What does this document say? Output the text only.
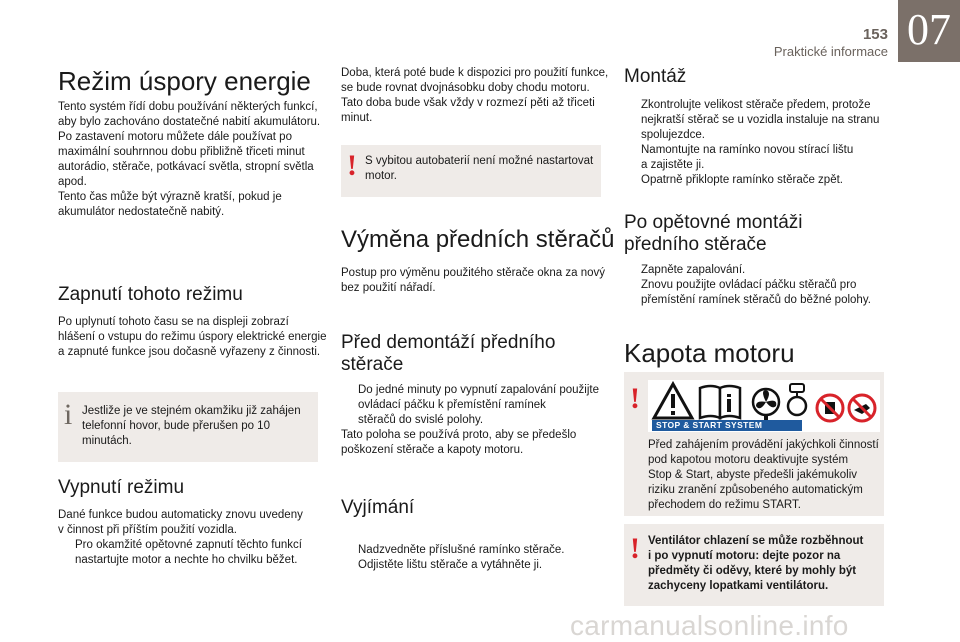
153
Praktické informace 07
Režim úspory energie
Tento systém řídí dobu používání některých funkcí,
aby bylo zachováno dostatečné nabití akumulátoru.
Po zastavení motoru můžete dále používat po
maximální souhrnnou dobu přibližně třiceti minut
autorádio, stěrače, potkávací světla, stropní světla
apod.
Tento čas může být výrazně kratší, pokud je
akumulátor nedostatečně nabitý.
Zapnutí tohoto režimu
Po uplynutí tohoto času se na displeji zobrazí
hlášení o vstupu do režimu úspory elektrické energie
a zapnuté funkce jsou dočasně vyřazeny z činnosti.
i Jestliže je ve stejném okamžiku již zahájen
telefonní hovor, bude přerušen po 10 minutách.
Vypnutí režimu
Dané funkce budou automaticky znovu uvedeny
v činnost při příštím použití vozidla.
Pro okamžité opětovné zapnutí těchto funkcí
nastartujte motor a nechte ho chvilku běžet.
Doba, která poté bude k dispozici pro použití funkce,
se bude rovnat dvojnásobku doby chodu motoru.
Tato doba bude však vždy v rozmezí pěti až třiceti
minut.
! S vybitou autobaterií není možné nastartovat
motor.
Výměna předních stěračů
Postup pro výměnu použitého stěrače okna za nový
bez použití nářadí.
Před demontáží předního
stěrače
Do jedné minuty po vypnutí zapalování použijte
ovládací páčku k přemístění ramínek
stěračů do svislé polohy.
Tato poloha se používá proto, aby se předešlo
poškození stěrače a kapoty motoru.
Vyjímání
Nadzvedněte příslušné ramínko stěrače.
Odjistěte lištu stěrače a vytáhněte ji.
Montáž
Zkontrolujte velikost stěrače předem, protože
nejkratší stěrač se u vozidla instaluje na stranu
spolujezdce.
Namontujte na ramínko novou stírací lištu
a zajistěte ji.
Opatrně přiklopte ramínko stěrače zpět.
Po opětovné montáži
předního stěrače
Zapněte zapalování.
Znovu použijte ovládací páčku stěračů pro
přemístění ramínek stěračů do běžné polohy.
Kapota motoru
!
STOP & START SYSTEM
Před zahájením provádění jakýchkoli činností
pod kapotou motoru deaktivujte systém
Stop & Start, abyste předešli jakémukoliv
riziku zranění způsobeného automatickým
přechodem do režimu START.
! Ventilátor chlazení se může rozběhnout
i po vypnutí motoru: dejte pozor na
předměty či oděvy, které by mohly být
zachyceny lopatkami ventilátoru.
carmanualsonline.info
